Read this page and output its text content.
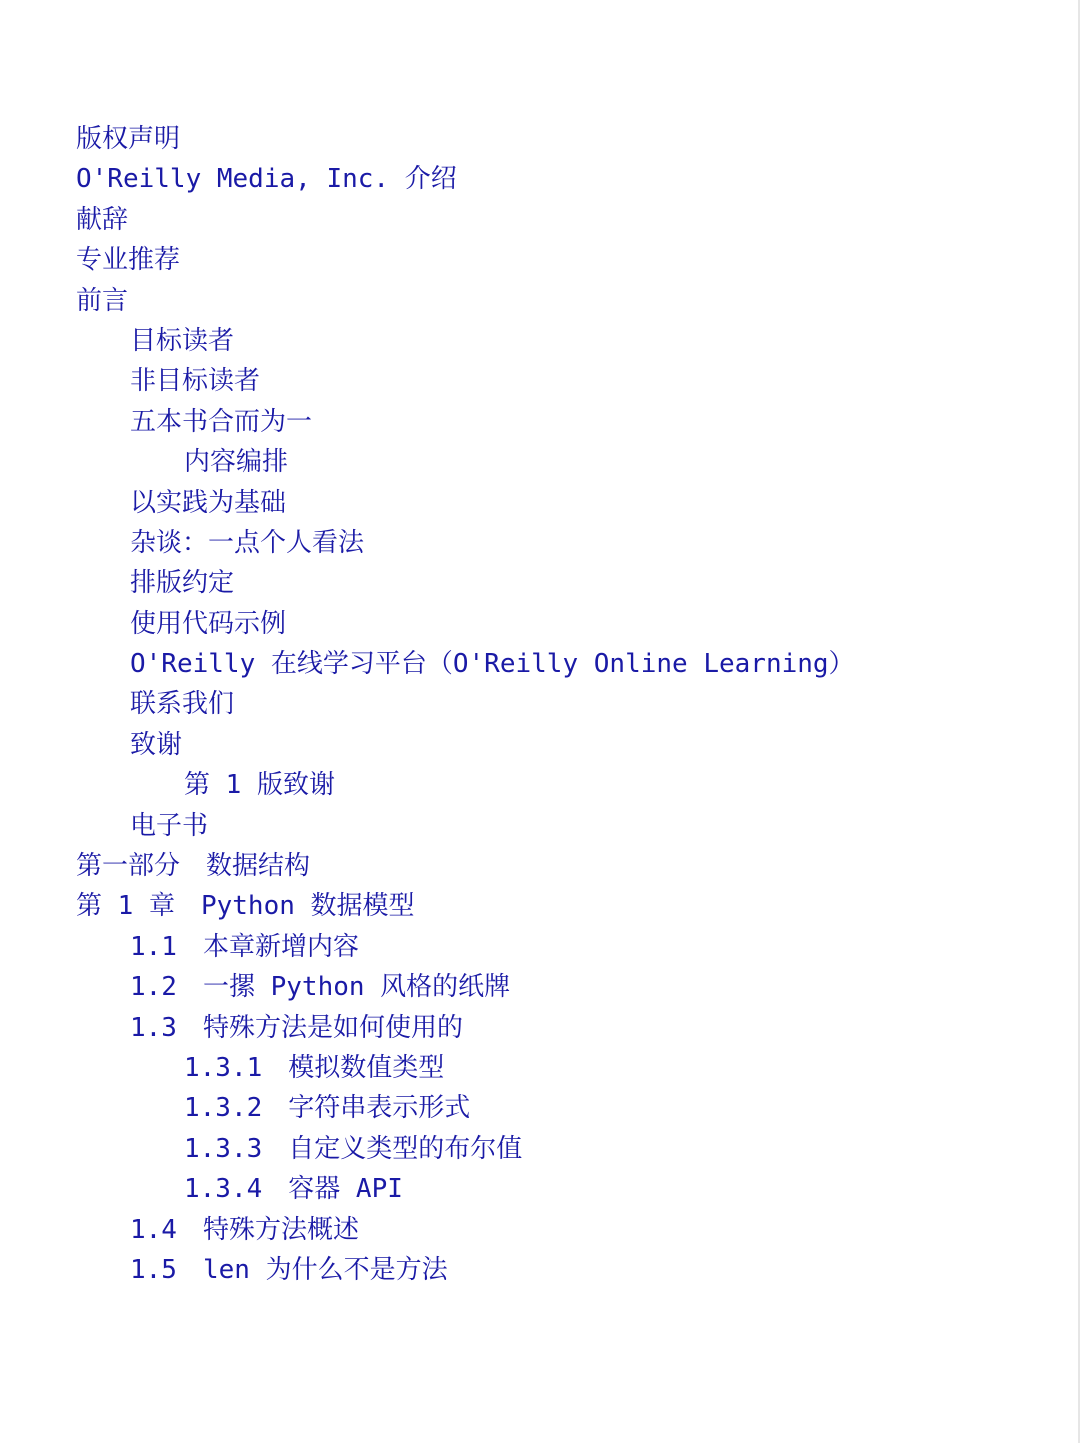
版权声明
O'Reilly Media, Inc. 介绍
献辞
专业推荐
前言
目标读者
非目标读者
五本书合而为一
内容编排
以实践为基础
杂谈：一点个人看法
排版约定
使用代码示例
O'Reilly 在线学习平台（O'Reilly Online Learning）
联系我们
致谢
第 1 版致谢
电子书
第一部分　数据结构
第 1 章　Python 数据模型
1.1　本章新增内容
1.2　一摞 Python 风格的纸牌
1.3　特殊方法是如何使用的
1.3.1　模拟数值类型
1.3.2　字符串表示形式
1.3.3　自定义类型的布尔值
1.3.4　容器 API
1.4　特殊方法概述
1.5　len 为什么不是方法
